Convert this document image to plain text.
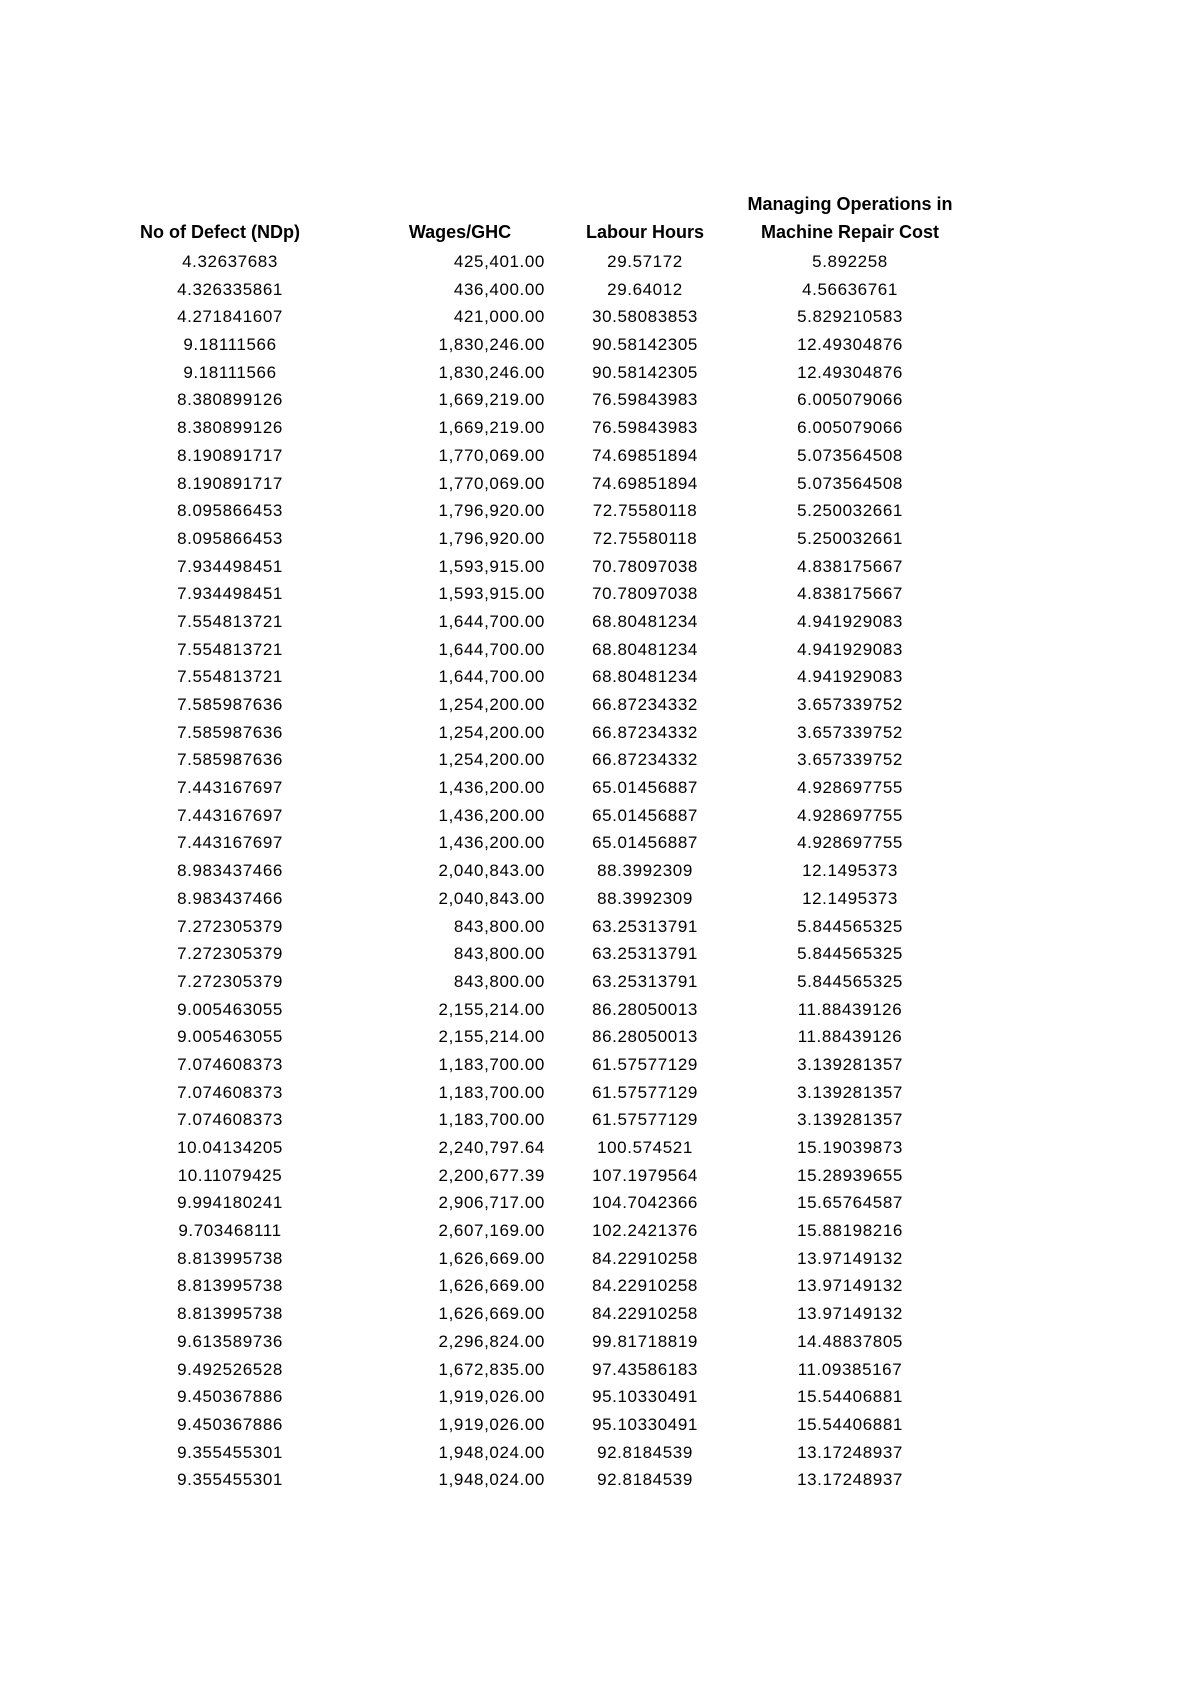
No of Defect (NDp)	Wages/GHC	Labour Hours
Managing Operations in
Machine Repair Cost
4.32637683	425,401.00	29.57172	5.892258
4.326335861	436,400.00	29.64012	4.56636761
4.271841607	421,000.00	30.58083853	5.829210583
9.18111566	1,830,246.00	90.58142305	12.49304876
9.18111566	1,830,246.00	90.58142305	12.49304876
8.380899126	1,669,219.00	76.59843983	6.005079066
8.380899126	1,669,219.00	76.59843983	6.005079066
8.190891717	1,770,069.00	74.69851894	5.073564508
8.190891717	1,770,069.00	74.69851894	5.073564508
8.095866453	1,796,920.00	72.75580118	5.250032661
8.095866453	1,796,920.00	72.75580118	5.250032661
7.934498451	1,593,915.00	70.78097038	4.838175667
7.934498451	1,593,915.00	70.78097038	4.838175667
7.554813721	1,644,700.00	68.80481234	4.941929083
7.554813721	1,644,700.00	68.80481234	4.941929083
7.554813721	1,644,700.00	68.80481234	4.941929083
7.585987636	1,254,200.00	66.87234332	3.657339752
7.585987636	1,254,200.00	66.87234332	3.657339752
7.585987636	1,254,200.00	66.87234332	3.657339752
7.443167697	1,436,200.00	65.01456887	4.928697755
7.443167697	1,436,200.00	65.01456887	4.928697755
7.443167697	1,436,200.00	65.01456887	4.928697755
8.983437466	2,040,843.00	88.3992309	12.1495373
8.983437466	2,040,843.00	88.3992309	12.1495373
7.272305379	843,800.00	63.25313791	5.844565325
7.272305379	843,800.00	63.25313791	5.844565325
7.272305379	843,800.00	63.25313791	5.844565325
9.005463055	2,155,214.00	86.28050013	11.88439126
9.005463055	2,155,214.00	86.28050013	11.88439126
7.074608373	1,183,700.00	61.57577129	3.139281357
7.074608373	1,183,700.00	61.57577129	3.139281357
7.074608373	1,183,700.00	61.57577129	3.139281357
10.04134205	2,240,797.64	100.574521	15.19039873
10.11079425	2,200,677.39	107.1979564	15.28939655
9.994180241	2,906,717.00	104.7042366	15.65764587
9.703468111	2,607,169.00	102.2421376	15.88198216
8.813995738	1,626,669.00	84.22910258	13.97149132
8.813995738	1,626,669.00	84.22910258	13.97149132
8.813995738	1,626,669.00	84.22910258	13.97149132
9.613589736	2,296,824.00	99.81718819	14.48837805
9.492526528	1,672,835.00	97.43586183	11.09385167
9.450367886	1,919,026.00	95.10330491	15.54406881
9.450367886	1,919,026.00	95.10330491	15.54406881
9.355455301	1,948,024.00	92.8184539	13.17248937
9.355455301	1,948,024.00	92.8184539	13.17248937
